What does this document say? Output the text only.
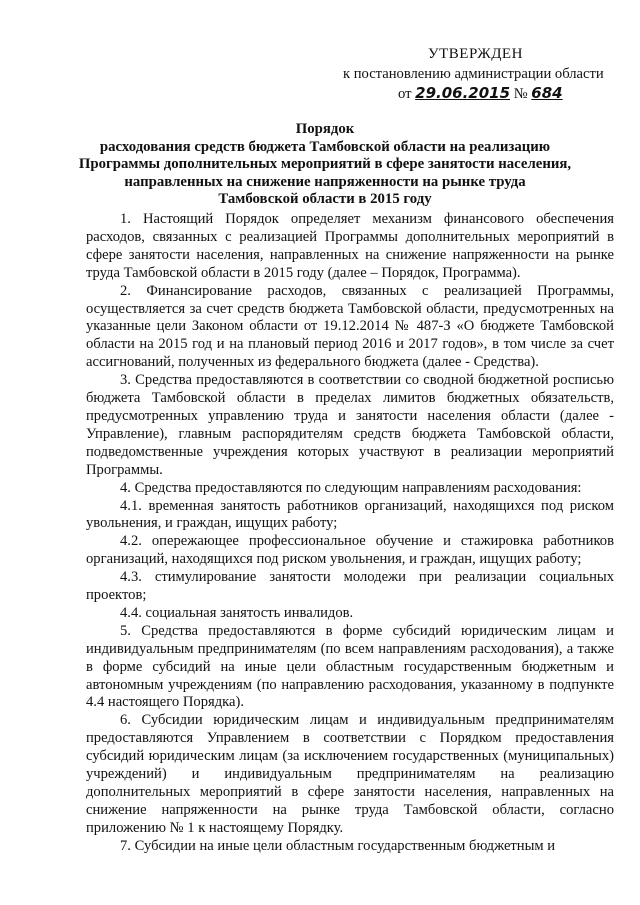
УТВЕРЖДЕН
к постановлению администрации области
от 29.06.2015 № 684
Порядок
расходования средств бюджета Тамбовской области на реализацию
Программы дополнительных мероприятий в сфере занятости населения,
направленных на снижение напряженности на рынке труда
Тамбовской области в 2015 году

1. Настоящий Порядок определяет механизм финансового обеспечения расходов, связанных с реализацией Программы дополнительных мероприятий в сфере занятости населения, направленных на снижение напряженности на рынке труда Тамбовской области в 2015 году (далее – Порядок, Программа).

2. Финансирование расходов, связанных с реализацией Программы, осуществляется за счет средств бюджета Тамбовской области, предусмотренных на указанные цели Законом области от 19.12.2014 № 487-З «О бюджете Тамбовской области на 2015 год и на плановый период 2016 и 2017 годов», в том числе за счет ассигнований, полученных из федерального бюджета (далее - Средства).

3. Средства предоставляются в соответствии со сводной бюджетной росписью бюджета Тамбовской области в пределах лимитов бюджетных обязательств, предусмотренных управлению труда и занятости населения области (далее - Управление), главным распорядителям средств бюджета Тамбовской области, подведомственные учреждения которых участвуют в реализации мероприятий Программы.

4. Средства предоставляются по следующим направлениям расходования:

4.1. временная занятость работников организаций, находящихся под риском увольнения, и граждан, ищущих работу;

4.2. опережающее профессиональное обучение и стажировка работников организаций, находящихся под риском увольнения, и граждан, ищущих работу;

4.3. стимулирование занятости молодежи при реализации социальных проектов;

4.4. социальная занятость инвалидов.

5. Средства предоставляются в форме субсидий юридическим лицам и индивидуальным предпринимателям (по всем направлениям расходования), а также в форме субсидий на иные цели областным государственным бюджетным и автономным учреждениям (по направлению расходования, указанному в подпункте 4.4 настоящего Порядка).

6. Субсидии юридическим лицам и индивидуальным предпринимателям предоставляются Управлением в соответствии с Порядком предоставления субсидий юридическим лицам (за исключением государственных (муниципальных) учреждений) и индивидуальным предпринимателям на реализацию дополнительных мероприятий в сфере занятости населения, направленных на снижение напряженности на рынке труда Тамбовской области, согласно приложению № 1 к настоящему Порядку.

7. Субсидии на иные цели областным государственным бюджетным и
